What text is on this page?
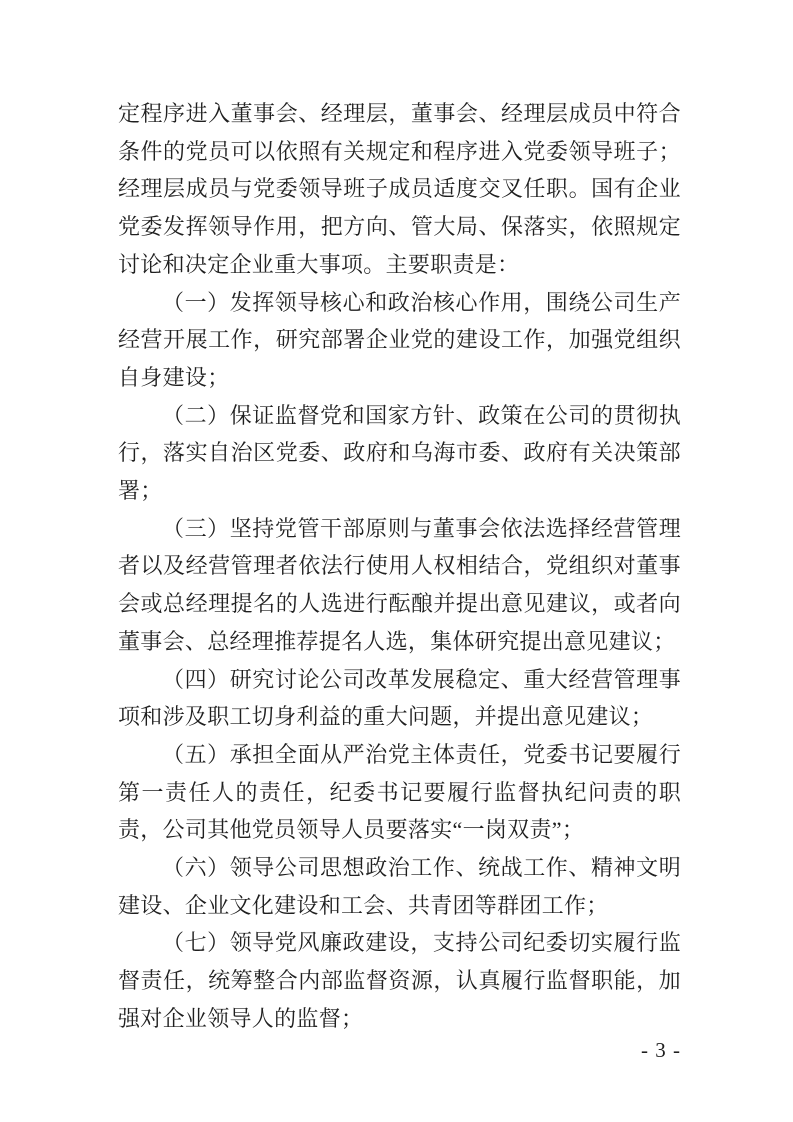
定程序进入董事会、经理层，董事会、经理层成员中符合条件的党员可以依照有关规定和程序进入党委领导班子；经理层成员与党委领导班子成员适度交叉任职。国有企业党委发挥领导作用，把方向、管大局、保落实，依照规定讨论和决定企业重大事项。主要职责是：

（一）发挥领导核心和政治核心作用，围绕公司生产经营开展工作，研究部署企业党的建设工作，加强党组织自身建设；

（二）保证监督党和国家方针、政策在公司的贯彻执行，落实自治区党委、政府和乌海市委、政府有关决策部署；

（三）坚持党管干部原则与董事会依法选择经营管理者以及经营管理者依法行使用人权相结合，党组织对董事会或总经理提名的人选进行酝酿并提出意见建议，或者向董事会、总经理推荐提名人选，集体研究提出意见建议；

（四）研究讨论公司改革发展稳定、重大经营管理事项和涉及职工切身利益的重大问题，并提出意见建议；

（五）承担全面从严治党主体责任，党委书记要履行第一责任人的责任，纪委书记要履行监督执纪问责的职责，公司其他党员领导人员要落实“一岗双责”；

（六）领导公司思想政治工作、统战工作、精神文明建设、企业文化建设和工会、共青团等群团工作；

（七）领导党风廉政建设，支持公司纪委切实履行监督责任，统筹整合内部监督资源，认真履行监督职能，加强对企业领导人的监督；

- 3 -
